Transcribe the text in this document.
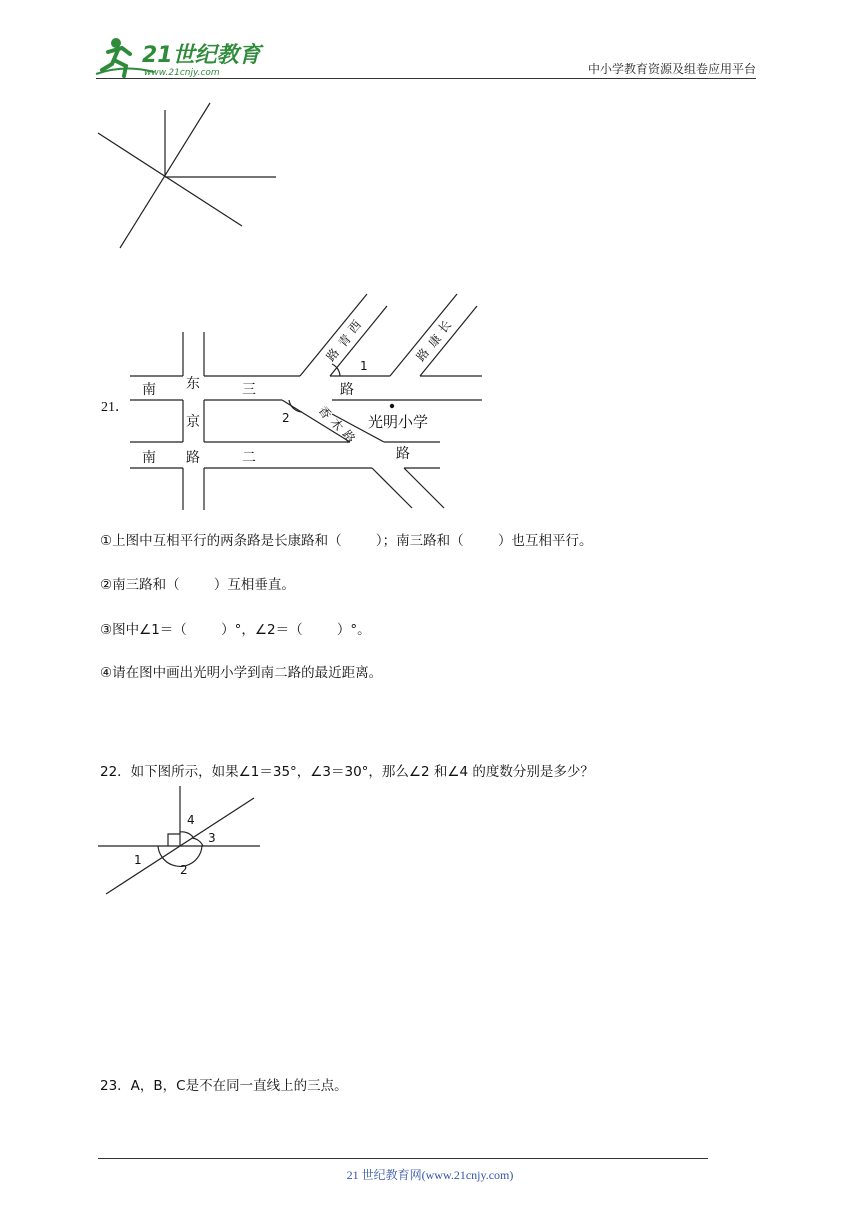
21世纪教育
www.21cnjy.com	中小学教育资源及组卷应用平台
21．
南 东	三	路
京
南 路	二	路
光明小学
1
2
西
青
路
长
康
路
香
木
路
①上图中互相平行的两条路是长康路和（        ）；南三路和（        ）也互相平行。
②南三路和（        ）互相垂直。
③图中∠1＝（        ）°，∠2＝（        ）°。
④请在图中画出光明小学到南二路的最近距离。
22．如下图所示，如果∠1＝35°，∠3＝30°，那么∠2 和∠4 的度数分别是多少？
1
2
3
4
23．A，B，C是不在同一直线上的三点。
21 世纪教育网(www.21cnjy.com)
